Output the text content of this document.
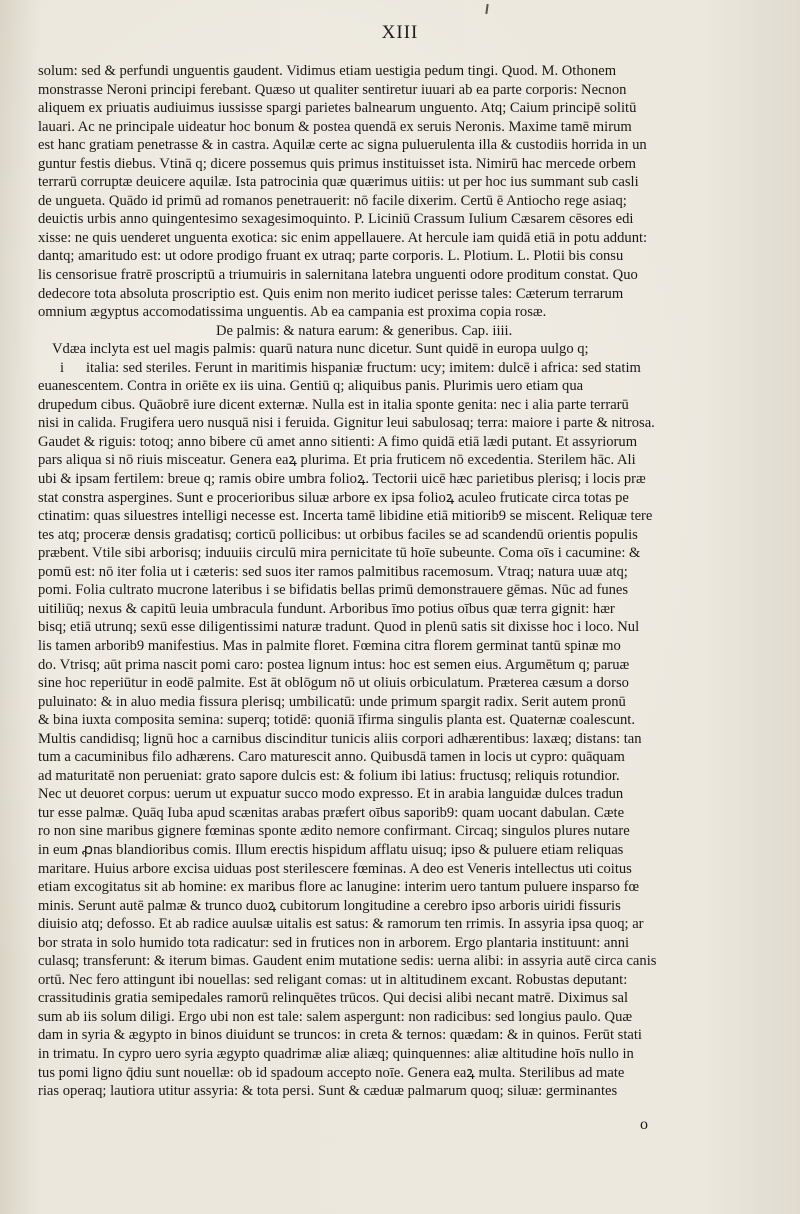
XIII
solum: sed & perfundi unguentis gaudent. Vidimus etiam uestigia pedum tingi. Quod. M. Othonem
monstrasse Neroni principi ferebant. Quæso ut qualiter sentiretur iuuari ab ea parte corporis: Necnon
aliquem ex priuatis audiuimus iussisse spargi parietes balnearum unguento. Atq; Caium principē solitū
lauari. Ac ne principale uideatur hoc bonum & postea quendā ex seruis Neronis. Maxime tamē mirum
est hanc gratiam penetrasse & in castra. Aquilæ certe ac signa puluerulenta illa & custodiis horrida in un
guntur festis diebus. Vtinā q; dicere possemus quis primus instituisset ista. Nimirū hac mercede orbem
terrarū corruptæ deuicere aquilæ. Ista patrocinia quæ quærimus uitiis: ut per hoc ius summant sub casli
de ungueta. Quādo id primū ad romanos penetrauerit: nō facile dixerim. Certū ē Antiocho rege asiaq;
deuictis urbis anno quingentesimo sexagesimoquinto. P. Liciniū Crassum Iulium Cæsarem cēsores edi
xisse: ne quis uenderet unguenta exotica: sic enim appellauere. At hercule iam quidā etiā in potu addunt:
dantq; amaritudo est: ut odore prodigo fruant ex utraq; parte corporis. L. Plotium. L. Plotii bis consu
lis censorisue fratrē proscriptū a triumuiris in salernitana latebra unguenti odore proditum constat. Quo
dedecore tota absoluta proscriptio est. Quis enim non merito iudicet perisse tales: Cæterum terrarum
omnium ægyptus accomodatissima unguentis. Ab ea campania est proxima copia rosæ.
De palmis: & natura earum: & generibus. Cap. iiii.
Vdæa inclyta est uel magis palmis: quarū natura nunc dicetur. Sunt quidē in europa uulgo q;
i italia: sed steriles. Ferunt in maritimis hispaniæ fructum: ucy; imitem: dulcē i africa: sed statim
euanescentem. Contra in oriēte ex iis uina. Gentiū q; aliquibus panis. Plurimis uero etiam qua
drupedum cibus. Quāobrē iure dicent externæ. Nulla est in italia sponte genita: nec i alia parte terrarū
nisi in calida. Frugifera uero nusquā nisi i feruida. Gignitur leui sabulosaq; terra: maiore i parte & nitrosa.
Gaudet & riguis: totoq; anno bibere cū amet anno sitienti: A fimo quidā etiā lædi putant. Et assyriorum
pars aliqua si nō riuis misceatur. Genera eaꝝ plurima. Et pria fruticem nō excedentia. Sterilem hāc. Ali
ubi & ipsam fertilem: breue q; ramis obire umbra folioꝝ. Tectorii uicē hæc parietibus plerisq; i locis præ
stat constra aspergines. Sunt e procerioribus siluæ arbore ex ipsa folioꝝ aculeo fruticate circa totas pe
ctinatim: quas siluestres intelligi necesse est. Incerta tamē libidine etiā mitiorib9 se miscent. Reliquæ tere
tes atq; proceræ densis gradatisq; corticū pollicibus: ut orbibus faciles se ad scandendū orientis populis
præbent. Vtile sibi arborisq; induuiis circulū mira pernicitate tū hoīe subeunte. Coma oīs i cacumine: &
pomū est: nō iter folia ut i cæteris: sed suos iter ramos palmitibus racemosum. Vtraq; natura uuæ atq;
pomi. Folia cultrato mucrone lateribus i se bifidatis bellas primū demonstrauere gēmas. Nūc ad funes
uitiliūq; nexus & capitū leuia umbracula fundunt. Arboribus īmo potius oībus quæ terra gignit: hær
bisq; etiā utrunq; sexū esse diligentissimi naturæ tradunt. Quod in plenū satis sit dixisse hoc i loco. Nul
lis tamen arborib9 manifestius. Mas in palmite floret. Fœmina citra florem germinat tantū spinæ mo
do. Vtrisq; aūt prima nascit pomi caro: postea lignum intus: hoc est semen eius. Argumētum q; paruæ
sine hoc reperiūtur in eodē palmite. Est āt oblōgum nō ut oliuis orbiculatum. Præterea cæsum a dorso
puluinato: & in aluo media fissura plerisq; umbilicatū: unde primum spargit radix. Serit autem pronū
& bina iuxta composita semina: superq; totidē: quoniā īfirma singulis planta est. Quaternæ coalescunt.
Multis candidisq; lignū hoc a carnibus discinditur tunicis aliis corpori adhærentibus: laxæq; distans: tan
tum a cacuminibus filo adhærens. Caro maturescit anno. Quibusdā tamen in locis ut cypro: quāquam
ad maturitatē non perueniat: grato sapore dulcis est: & folium ibi latius: fructusq; reliquis rotundior.
Nec ut deuoret corpus: uerum ut expuatur succo modo expresso. Et in arabia languidæ dulces tradun
tur esse palmæ. Quāq Iuba apud scænitas arabas præfert oībus saporib9: quam uocant dabulan. Cæte
ro non sine maribus gignere fœminas sponte ædito nemore confirmant. Circaq; singulos plures nutare
in eum ꝓnas blandioribus comis. Illum erectis hispidum afflatu uisuq; ipso & puluere etiam reliquas
maritare. Huius arbore excisa uiduas post sterilescere fœminas. A deo est Veneris intellectus uti coitus
etiam excogitatus sit ab homine: ex maribus flore ac lanugine: interim uero tantum puluere insparso fœ
minis. Serunt autē palmæ & trunco duoꝝ cubitorum longitudine a cerebro ipso arboris uiridi fissuris
diuisio atq; defosso. Et ab radice auulsæ uitalis est satus: & ramorum ten rrimis. In assyria ipsa quoq; ar
bor strata in solo humido tota radicatur: sed in frutices non in arborem. Ergo plantaria instituunt: anni
culasq; transferunt: & iterum bimas. Gaudent enim mutatione sedis: uerna alibi: in assyria autē circa canis
ortū. Nec fero attingunt ibi nouellas: sed religant comas: ut in altitudinem excant. Robustas deputant:
crassitudinis gratia semipedales ramorū relinquētes trūcos. Qui decisi alibi necant matrē. Diximus sal
sum ab iis solum diligi. Ergo ubi non est tale: salem aspergunt: non radicibus: sed longius paulo. Quæ
dam in syria & ægypto in binos diuidunt se truncos: in creta & ternos: quædam: & in quinos. Ferūt stati
in trimatu. In cypro uero syria ægypto quadrimæ aliæ aliæq; quinquennes: aliæ altitudine hoīs nullo in
tus pomi ligno q̄diu sunt nouellæ: ob id spadoum accepto noīe. Genera eaꝝ multa. Sterilibus ad mate
rias operaq; lautiora utitur assyria: & tota persi. Sunt & cæduæ palmarum quoq; siluæ: germinantes
o
